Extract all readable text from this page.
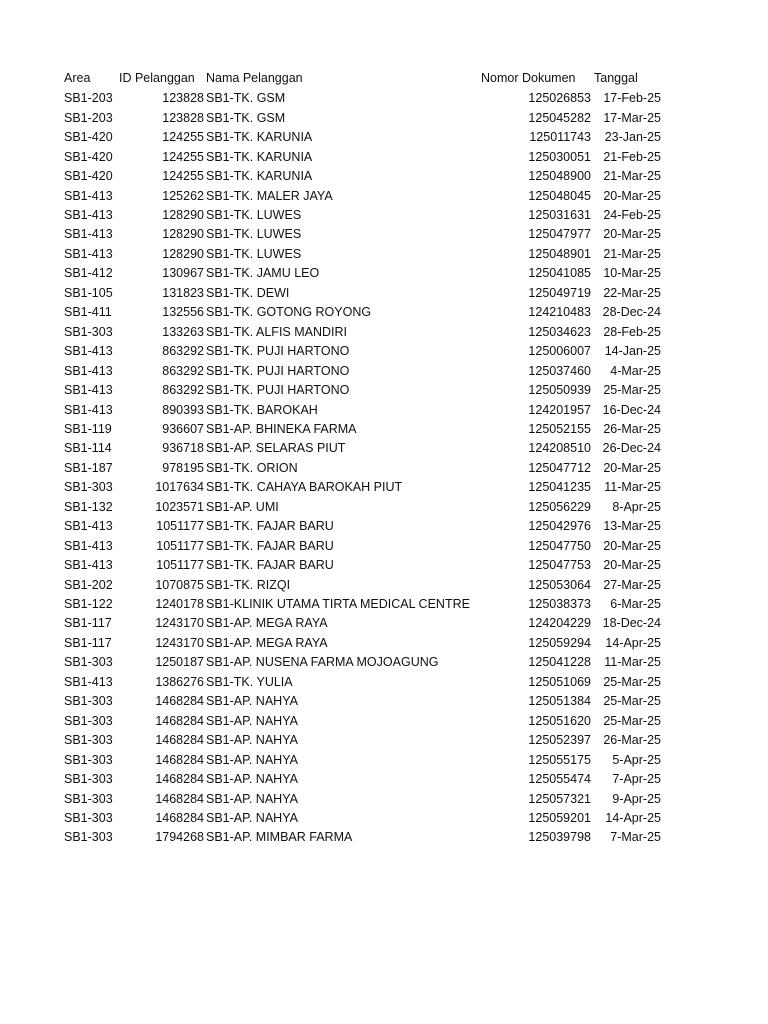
Area ID Pelanggan Nama Pelanggan	Nomor Dokumen Tanggal
SB1-203	123828 SB1-TK. GSM	125026853 17-Feb-25
SB1-203	123828 SB1-TK. GSM	125045282 17-Mar-25
SB1-420	124255 SB1-TK. KARUNIA	125011743	23-Jan-25
SB1-420	124255 SB1-TK. KARUNIA	125030051 21-Feb-25
SB1-420	124255 SB1-TK. KARUNIA	125048900 21-Mar-25
SB1-413	125262 SB1-TK. MALER JAYA	125048045 20-Mar-25
SB1-413	128290 SB1-TK. LUWES	125031631 24-Feb-25
SB1-413	128290 SB1-TK. LUWES	125047977 20-Mar-25
SB1-413	128290 SB1-TK. LUWES	125048901 21-Mar-25
SB1-412	130967 SB1-TK. JAMU LEO	125041085 10-Mar-25
SB1-105	131823 SB1-TK. DEWI	125049719 22-Mar-25
SB1-411	132556 SB1-TK. GOTONG ROYONG	124210483 28-Dec-24
SB1-303	133263 SB1-TK. ALFIS MANDIRI	125034623 28-Feb-25
SB1-413	863292 SB1-TK. PUJI HARTONO	125006007	14-Jan-25
SB1-413	863292 SB1-TK. PUJI HARTONO	125037460	4-Mar-25
SB1-413	863292 SB1-TK. PUJI HARTONO	125050939 25-Mar-25
SB1-413	890393 SB1-TK. BAROKAH	124201957 16-Dec-24
SB1-119	936607 SB1-AP. BHINEKA FARMA	125052155 26-Mar-25
SB1-114	936718 SB1-AP. SELARAS PIUT	124208510 26-Dec-24
SB1-187	978195 SB1-TK. ORION	125047712 20-Mar-25
SB1-303	1017634 SB1-TK. CAHAYA BAROKAH PIUT	125041235	11-Mar-25
SB1-132	1023571 SB1-AP. UMI	125056229	8-Apr-25
SB1-413	1051177 SB1-TK. FAJAR BARU	125042976 13-Mar-25
SB1-413	1051177 SB1-TK. FAJAR BARU	125047750 20-Mar-25
SB1-413	1051177 SB1-TK. FAJAR BARU	125047753 20-Mar-25
SB1-202	1070875 SB1-TK. RIZQI	125053064 27-Mar-25
SB1-122	1240178 SB1-KLINIK UTAMA TIRTA MEDICAL CENTRE	125038373	6-Mar-25
SB1-117	1243170 SB1-AP. MEGA RAYA	124204229 18-Dec-24
SB1-117	1243170 SB1-AP. MEGA RAYA	125059294	14-Apr-25
SB1-303	1250187 SB1-AP. NUSENA FARMA MOJOAGUNG	125041228	11-Mar-25
SB1-413	1386276 SB1-TK. YULIA	125051069 25-Mar-25
SB1-303	1468284 SB1-AP. NAHYA	125051384 25-Mar-25
SB1-303	1468284 SB1-AP. NAHYA	125051620 25-Mar-25
SB1-303	1468284 SB1-AP. NAHYA	125052397 26-Mar-25
SB1-303	1468284 SB1-AP. NAHYA	125055175	5-Apr-25
SB1-303	1468284 SB1-AP. NAHYA	125055474	7-Apr-25
SB1-303	1468284 SB1-AP. NAHYA	125057321	9-Apr-25
SB1-303	1468284 SB1-AP. NAHYA	125059201	14-Apr-25
SB1-303	1794268 SB1-AP. MIMBAR FARMA	125039798	7-Mar-25
